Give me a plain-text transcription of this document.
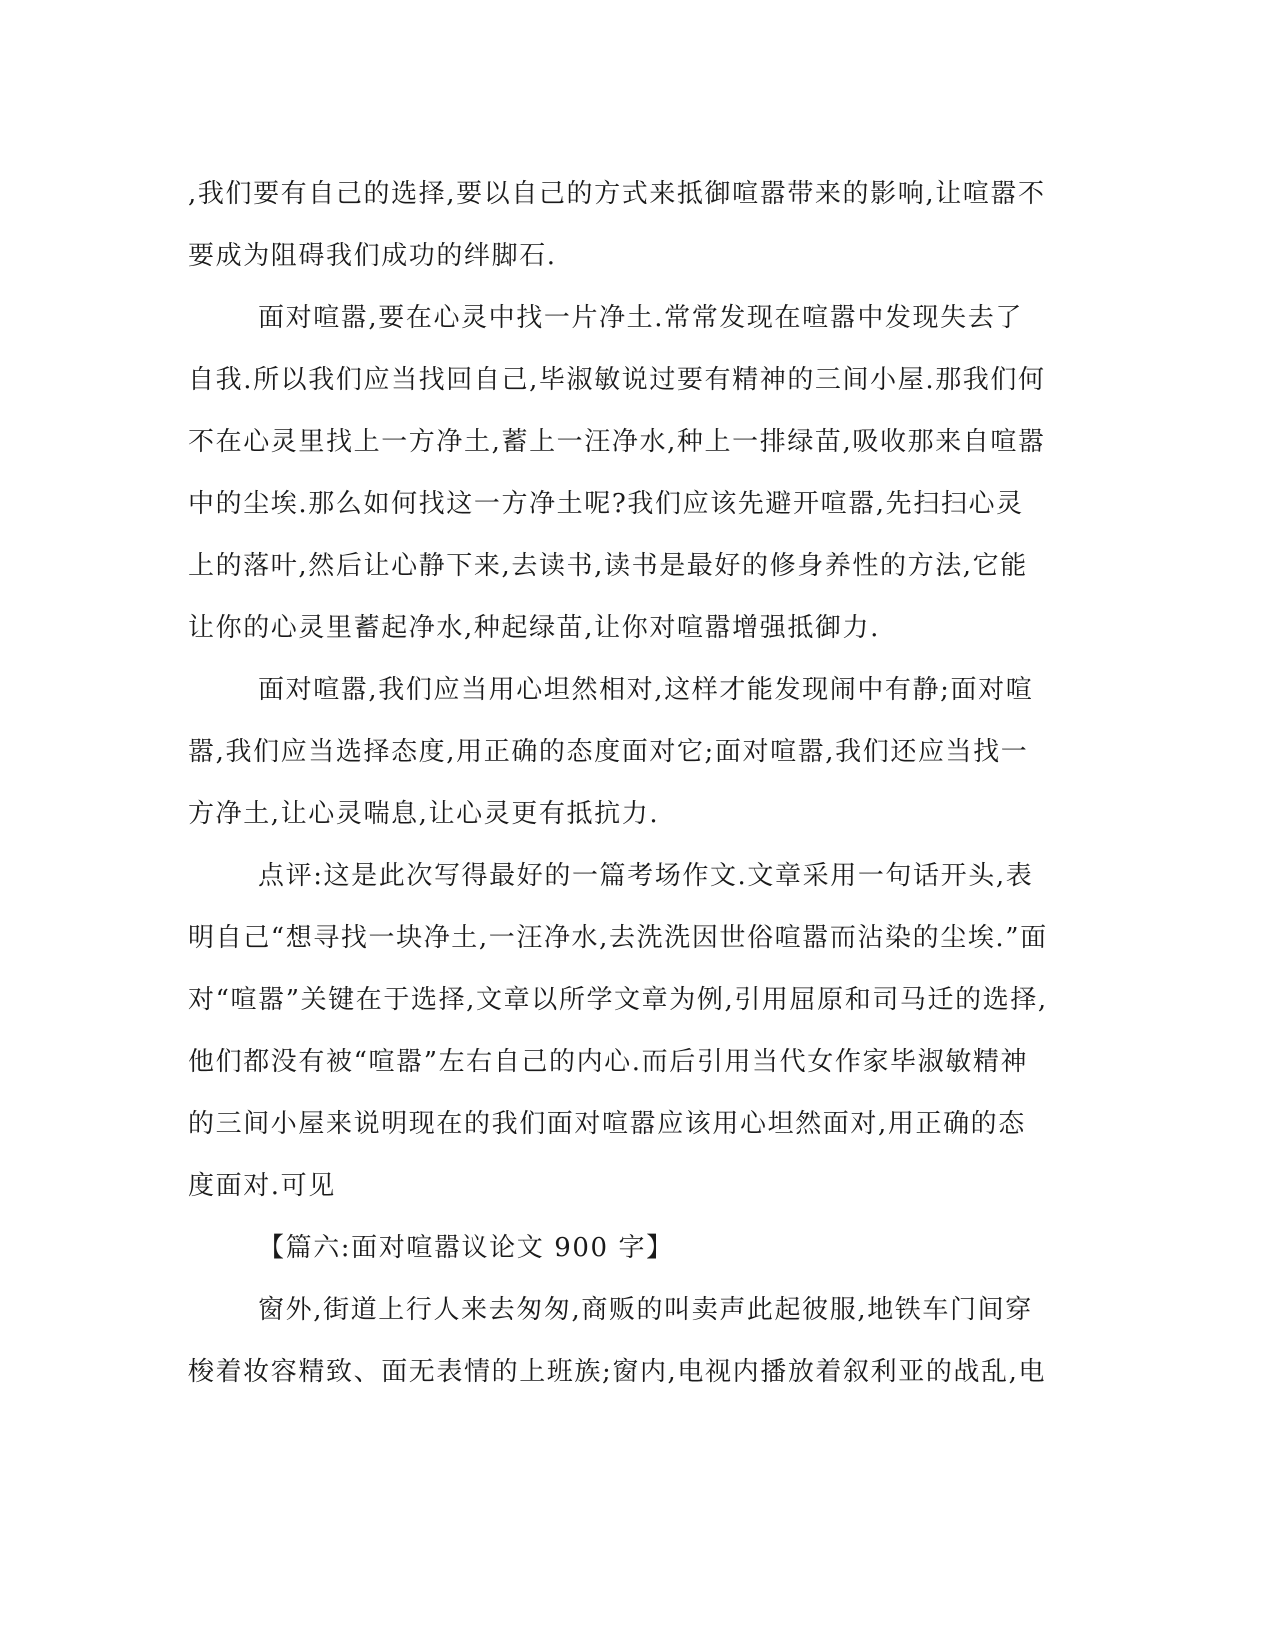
,我们要有自己的选择,要以自己的方式来抵御喧嚣带来的影响,让喧嚣不
要成为阻碍我们成功的绊脚石.
面对喧嚣,要在心灵中找一片净土.常常发现在喧嚣中发现失去了
自我.所以我们应当找回自己,毕淑敏说过要有精神的三间小屋.那我们何
不在心灵里找上一方净土,蓄上一汪净水,种上一排绿苗,吸收那来自喧嚣
中的尘埃.那么如何找这一方净土呢?我们应该先避开喧嚣,先扫扫心灵
上的落叶,然后让心静下来,去读书,读书是最好的修身养性的方法,它能
让你的心灵里蓄起净水,种起绿苗,让你对喧嚣增强抵御力.
面对喧嚣,我们应当用心坦然相对,这样才能发现闹中有静;面对喧
嚣,我们应当选择态度,用正确的态度面对它;面对喧嚣,我们还应当找一
方净土,让心灵喘息,让心灵更有抵抗力.
点评:这是此次写得最好的一篇考场作文.文章采用一句话开头,表
明自己“想寻找一块净土,一汪净水,去洗洗因世俗喧嚣而沾染的尘埃.”面
对“喧嚣”关键在于选择,文章以所学文章为例,引用屈原和司马迁的选择,
他们都没有被“喧嚣”左右自己的内心.而后引用当代女作家毕淑敏精神
的三间小屋来说明现在的我们面对喧嚣应该用心坦然面对,用正确的态
度面对.可见
【篇六:面对喧嚣议论文 900 字】
窗外,街道上行人来去匆匆,商贩的叫卖声此起彼服,地铁车门间穿
梭着妆容精致、面无表情的上班族;窗内,电视内播放着叙利亚的战乱,电
